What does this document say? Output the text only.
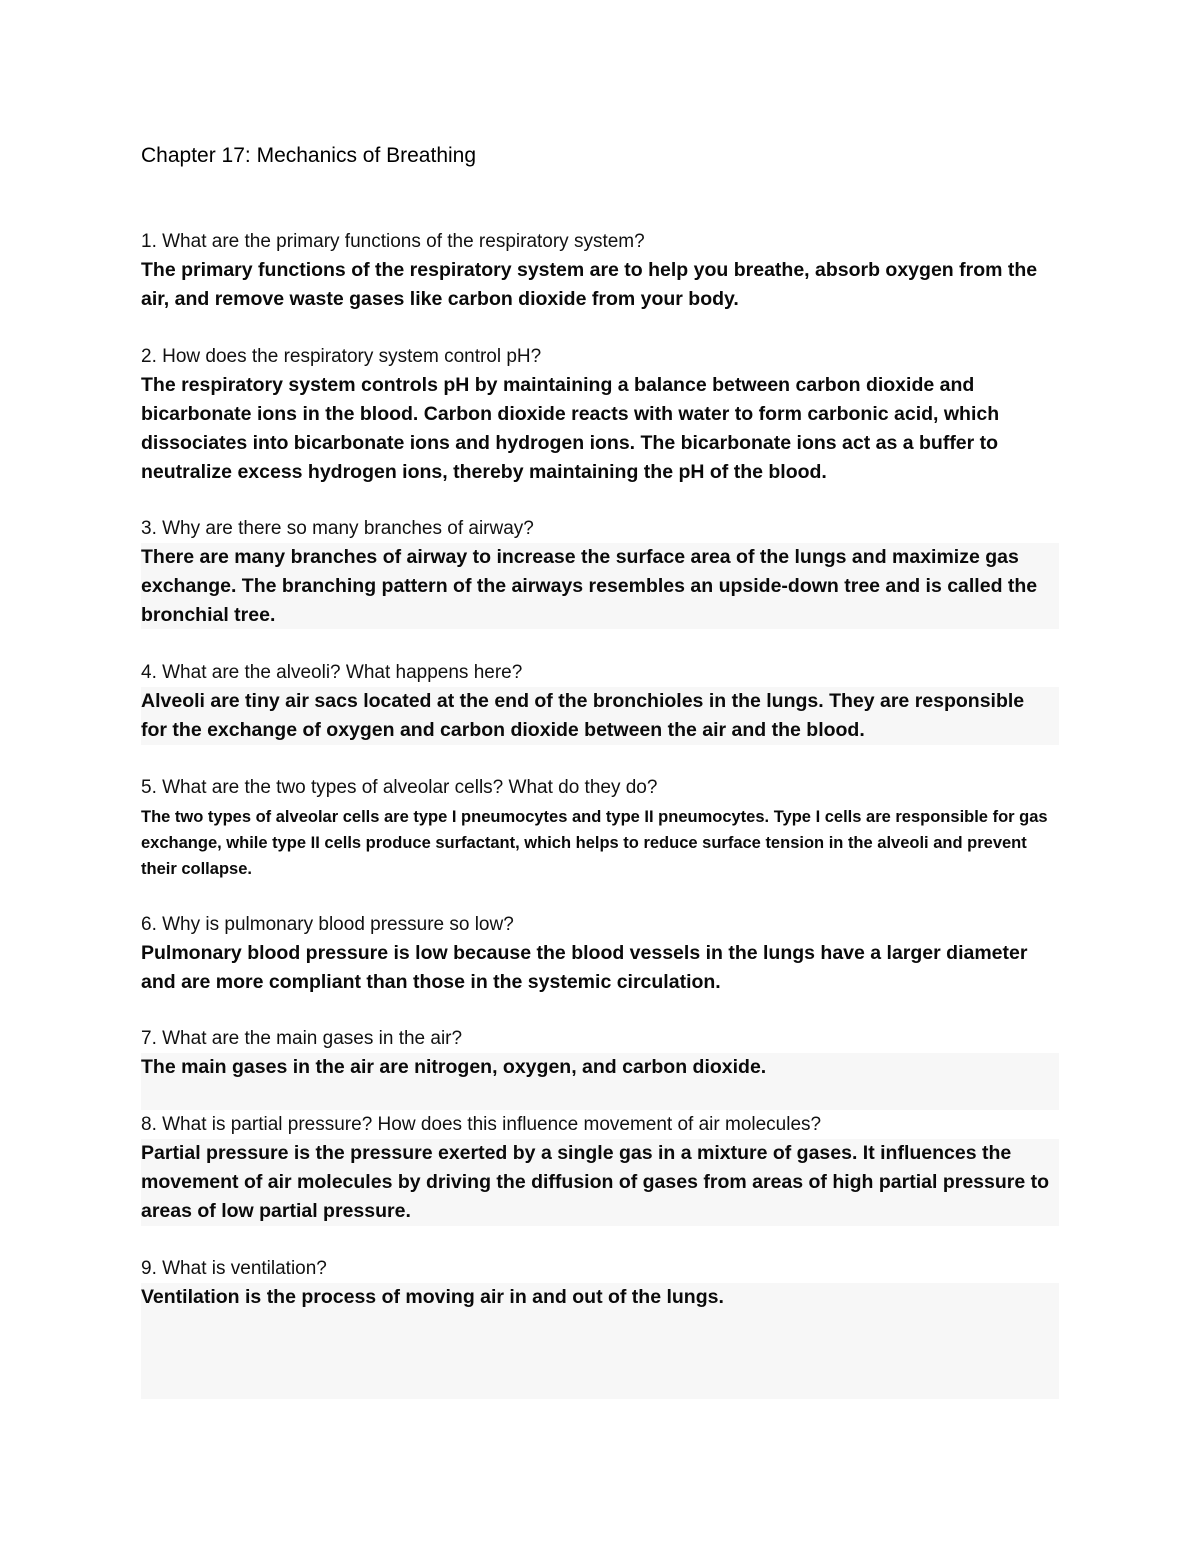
Chapter 17: Mechanics of Breathing
1. What are the primary functions of the respiratory system?
The primary functions of the respiratory system are to help you breathe, absorb oxygen from the air, and remove waste gases like carbon dioxide from your body.
2. How does the respiratory system control pH?
The respiratory system controls pH by maintaining a balance between carbon dioxide and bicarbonate ions in the blood. Carbon dioxide reacts with water to form carbonic acid, which dissociates into bicarbonate ions and hydrogen ions. The bicarbonate ions act as a buffer to neutralize excess hydrogen ions, thereby maintaining the pH of the blood.
3. Why are there so many branches of airway?
There are many branches of airway to increase the surface area of the lungs and maximize gas exchange. The branching pattern of the airways resembles an upside-down tree and is called the bronchial tree.
4. What are the alveoli? What happens here?
Alveoli are tiny air sacs located at the end of the bronchioles in the lungs. They are responsible for the exchange of oxygen and carbon dioxide between the air and the blood.
5. What are the two types of alveolar cells? What do they do?
The two types of alveolar cells are type I pneumocytes and type II pneumocytes. Type I cells are responsible for gas exchange, while type II cells produce surfactant, which helps to reduce surface tension in the alveoli and prevent their collapse.
6. Why is pulmonary blood pressure so low?
Pulmonary blood pressure is low because the blood vessels in the lungs have a larger diameter and are more compliant than those in the systemic circulation.
7. What are the main gases in the air?
The main gases in the air are nitrogen, oxygen, and carbon dioxide.
8. What is partial pressure? How does this influence movement of air molecules?
Partial pressure is the pressure exerted by a single gas in a mixture of gases. It influences the movement of air molecules by driving the diffusion of gases from areas of high partial pressure to areas of low partial pressure.
9. What is ventilation?
Ventilation is the process of moving air in and out of the lungs.
